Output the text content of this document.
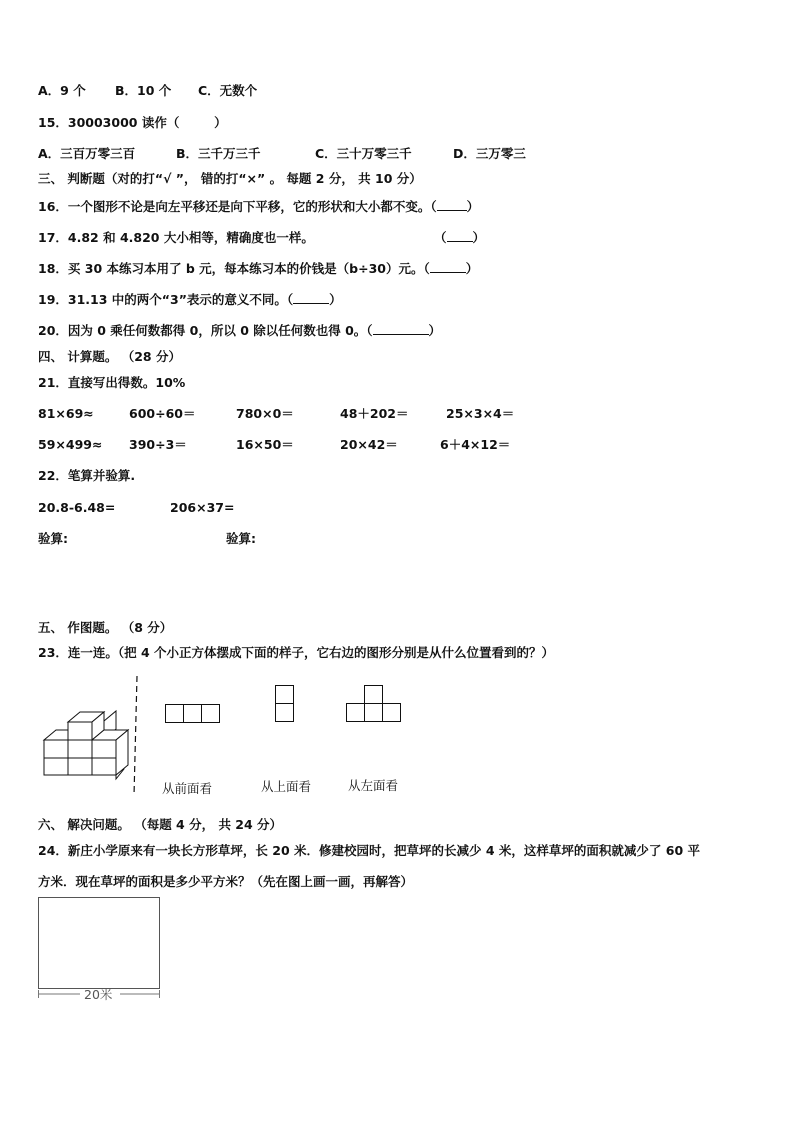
A．9 个 B．10 个 C．无数个
15．30003000 读作（        ）
A．三百万零三百	B．三千万三千	C．三十万零三千	D．三万零三
三、 判断题（对的打“√ ”， 错的打“×” 。 每题 2 分， 共 10 分）
16．一个图形不论是向左平移还是向下平移，它的形状和大小都不变。（ ）
17．4.82 和 4.820 大小相等，精确度也一样。	（ ）
18．买 30 本练习本用了 b 元，每本练习本的价钱是（b÷30）元。（	）
19．31.13 中的两个“3”表示的意义不同。（	）
20．因为 0 乘任何数都得 0，所以 0 除以任何数也得 0。（	）
四、 计算题。 （28 分）
21．直接写出得数。10%
81×69≈	600÷60＝	780×0＝	48＋202＝	25×3×4＝
59×499≈ 390÷3＝	16×50＝	20×42＝	6＋4×12＝
22．笔算并验算.
20.8-6.48=	206×37=
验算:	验算:
五、 作图题。 （8 分）
23．连一连。（把 4 个小正方体摆成下面的样子，它右边的图形分别是从什么位置看到的？）
从前面看	从上面看	从左面看
六、 解决问题。 （每题 4 分， 共 24 分）
24．新庄小学原来有一块长方形草坪，长 20 米．修建校园时，把草坪的长减少 4 米，这样草坪的面积就减少了 60 平
方米．现在草坪的面积是多少平方米？（先在图上画一画，再解答）
20米
